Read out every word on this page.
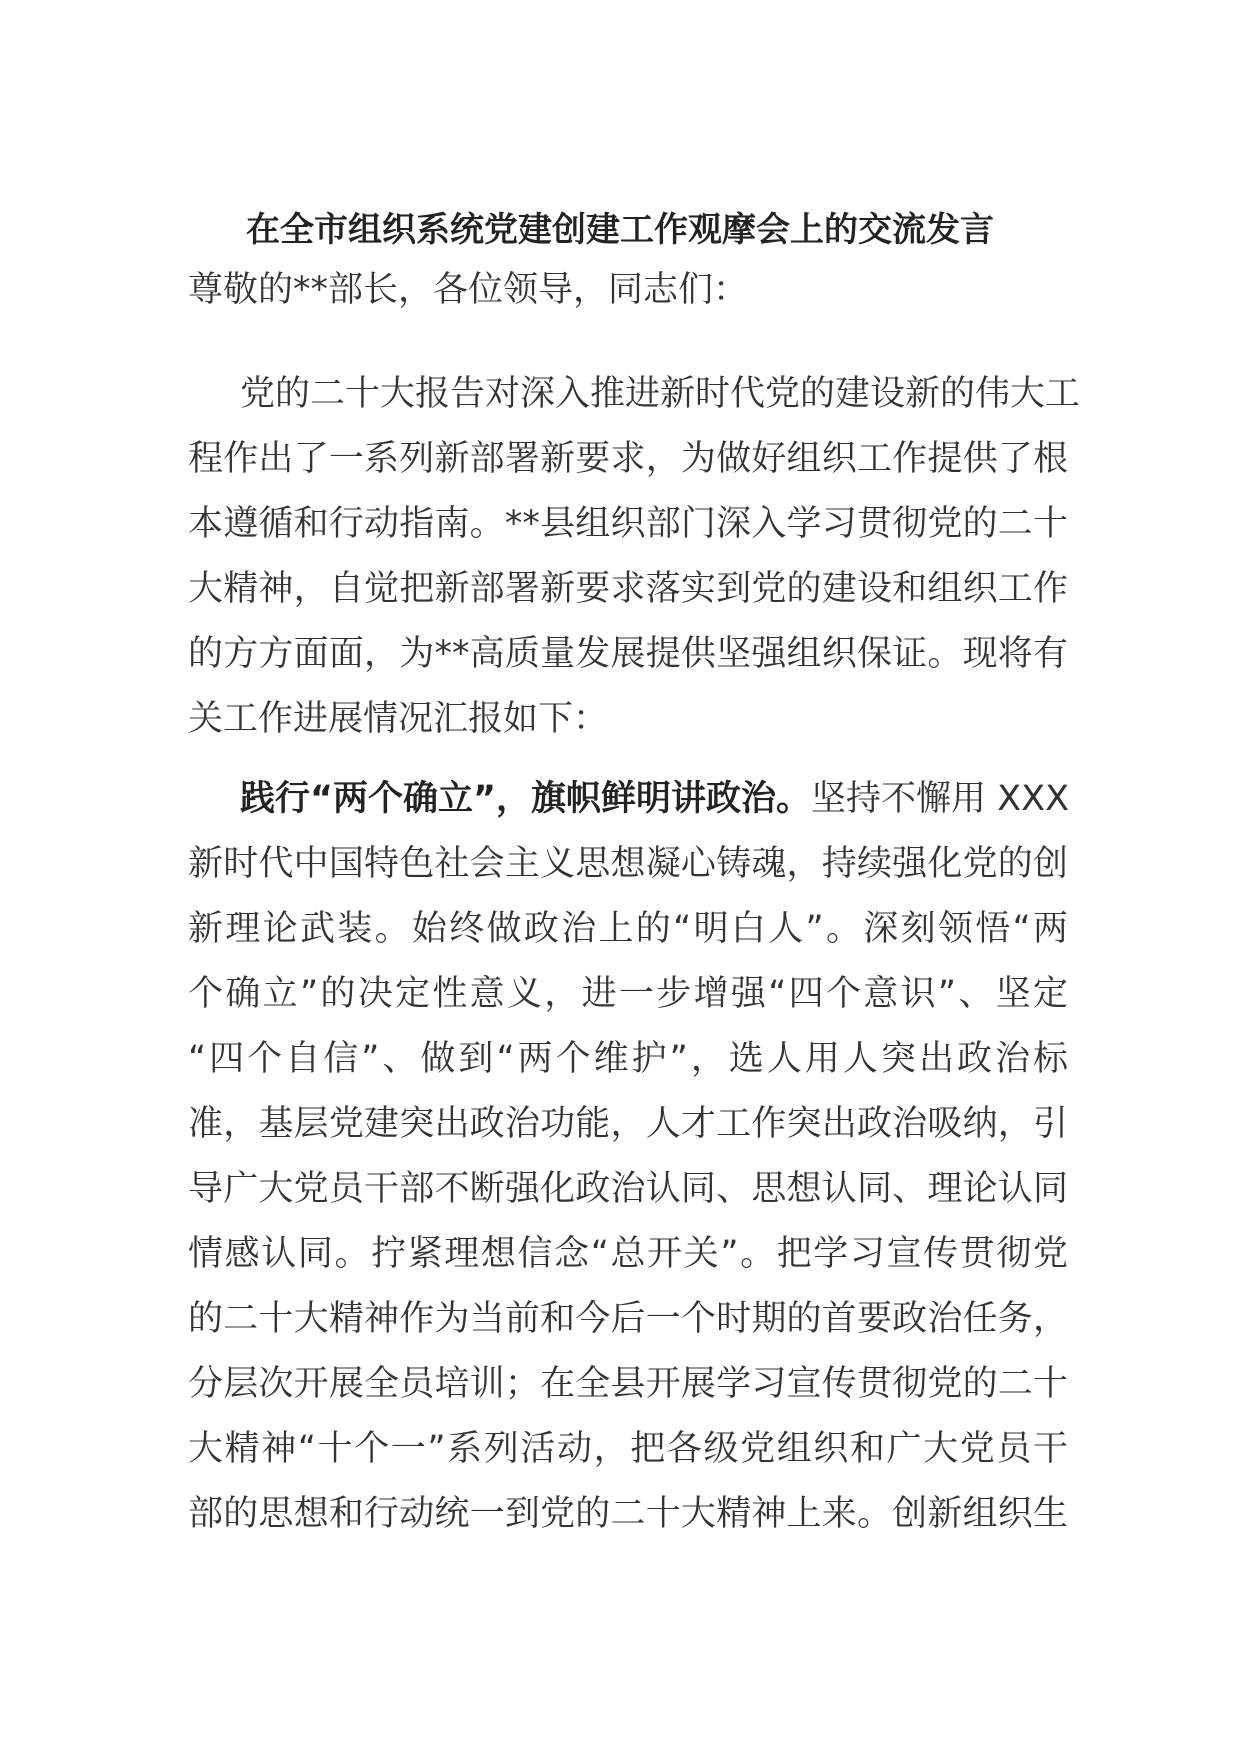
在全市组织系统党建创建工作观摩会上的交流发言
尊敬的**部长，各位领导，同志们：
党的二十大报告对深入推进新时代党的建设新的伟大工
程作出了一系列新部署新要求，为做好组织工作提供了根
本遵循和行动指南。**县组织部门深入学习贯彻党的二十
大精神，自觉把新部署新要求落实到党的建设和组织工作
的方方面面，为**高质量发展提供坚强组织保证。现将有
关工作进展情况汇报如下：
践行“两个确立”，旗帜鲜明讲政治。坚持不懈用 XXX
新时代中国特色社会主义思想凝心铸魂，持续强化党的创
新理论武装。始终做政治上的“明白人”。深刻领悟“两
个确立”的决定性意义，进一步增强“四个意识”、坚定
“四个自信”、做到“两个维护”，选人用人突出政治标
准，基层党建突出政治功能，人才工作突出政治吸纳，引
导广大党员干部不断强化政治认同、思想认同、理论认同
情感认同。拧紧理想信念“总开关”。把学习宣传贯彻党
的二十大精神作为当前和今后一个时期的首要政治任务，
分层次开展全员培训；在全县开展学习宣传贯彻党的二十
大精神“十个一”系列活动，把各级党组织和广大党员干
部的思想和行动统一到党的二十大精神上来。创新组织生
